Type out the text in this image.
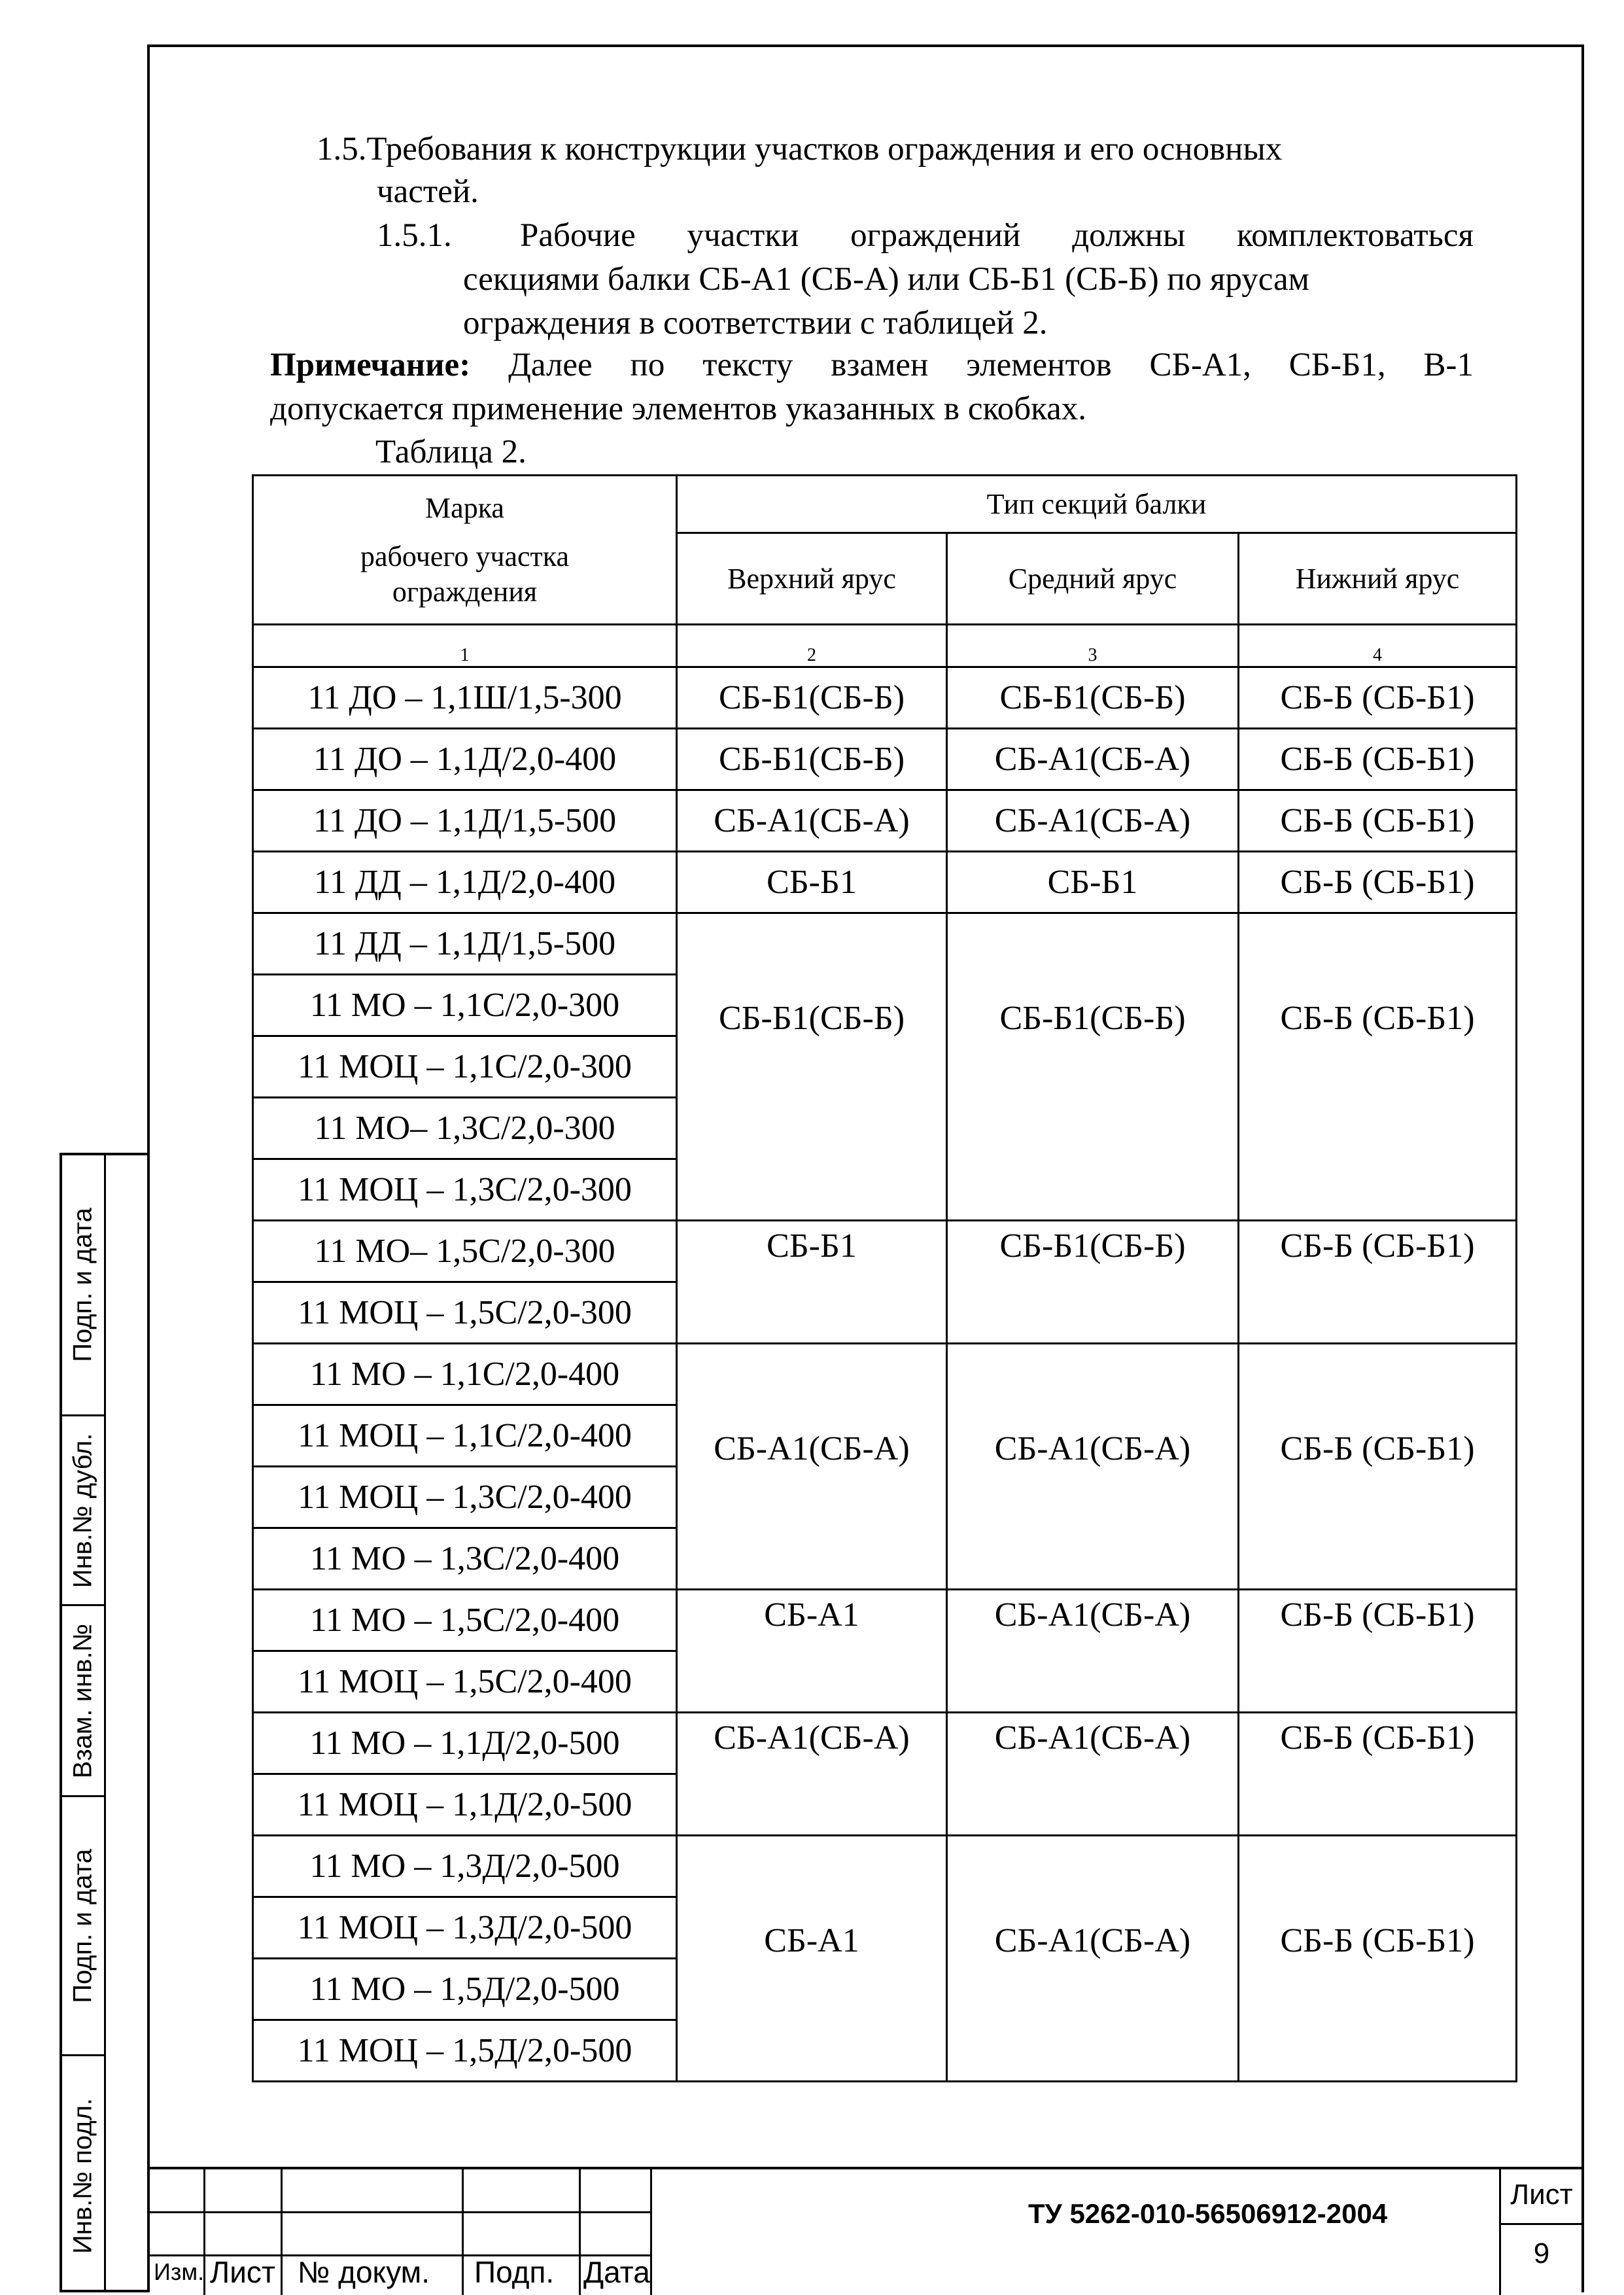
Подп. и дата
Инв.№ дубл.
Взам. инв.№
Подп. и дата
Инв.№ подл.
1.5.Требования к конструкции участков ограждения и его основных
частей.
1.5.1.	Рабочие участки ограждений должны комплектоваться
секциями балки СБ-А1 (СБ-А) или СБ-Б1 (СБ-Б) по ярусам
ограждения в соответствии с таблицей 2.
Примечание: Далее по тексту взамен элементов СБ-А1, СБ-Б1, В-1
допускается применение элементов указанных в скобках.
Таблица 2.
Марка
рабочего участка ограждения	Тип секций балки		
	Верхний ярус	Средний ярус	Нижний ярус
1	2	3	4
11 ДО – 1,1Ш/1,5-300	СБ-Б1(СБ-Б)	СБ-Б1(СБ-Б)	СБ-Б (СБ-Б1)
11 ДО – 1,1Д/2,0-400	СБ-Б1(СБ-Б)	СБ-А1(СБ-А)	СБ-Б (СБ-Б1)
11 ДО – 1,1Д/1,5-500	СБ-А1(СБ-А)	СБ-А1(СБ-А)	СБ-Б (СБ-Б1)
11 ДД – 1,1Д/2,0-400	СБ-Б1	СБ-Б1	СБ-Б (СБ-Б1)
11 ДД – 1,1Д/1,5-500	СБ-Б1(СБ-Б)	СБ-Б1(СБ-Б)	СБ-Б (СБ-Б1)
11 МО – 1,1С/2,0-300			
11 МОЦ – 1,1С/2,0-300			
11 МО– 1,3С/2,0-300			
11 МОЦ – 1,3С/2,0-300			
11 МО– 1,5С/2,0-300	СБ-Б1	СБ-Б1(СБ-Б)	СБ-Б (СБ-Б1)
11 МОЦ – 1,5С/2,0-300			
11 МО – 1,1С/2,0-400	СБ-А1(СБ-А)	СБ-А1(СБ-А)	СБ-Б (СБ-Б1)
11 МОЦ – 1,1С/2,0-400			
11 МОЦ – 1,3С/2,0-400			
11 МО – 1,3С/2,0-400			
11 МО – 1,5С/2,0-400	СБ-А1	СБ-А1(СБ-А)	СБ-Б (СБ-Б1)
11 МОЦ – 1,5С/2,0-400			
11 МО – 1,1Д/2,0-500	СБ-А1(СБ-А)	СБ-А1(СБ-А)	СБ-Б (СБ-Б1)
11 МОЦ – 1,1Д/2,0-500			
11 МО – 1,3Д/2,0-500	СБ-А1	СБ-А1(СБ-А)	СБ-Б (СБ-Б1)
11 МОЦ – 1,3Д/2,0-500			
11 МО – 1,5Д/2,0-500			
11 МОЦ – 1,5Д/2,0-500			
Изм. Лист № докум. Подп. Дата
ТУ 5262-010-56506912-2004
Лист
9
